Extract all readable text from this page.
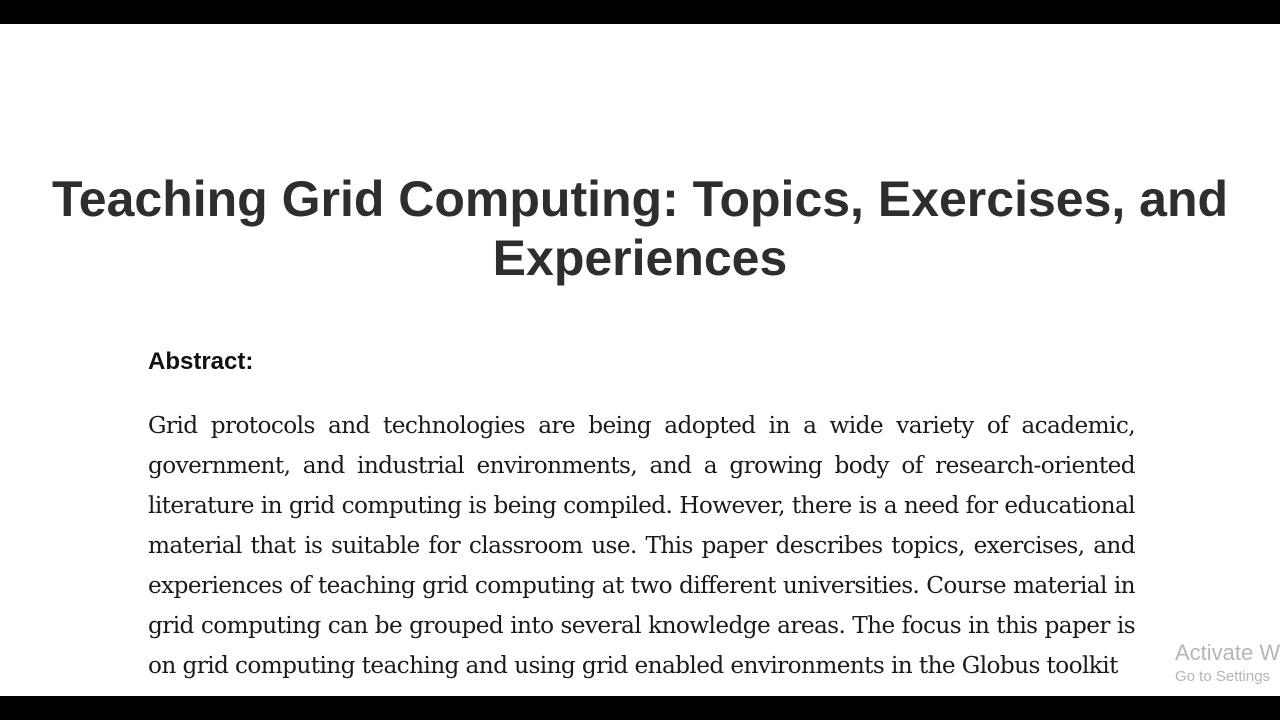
Teaching Grid Computing: Topics, Exercises, and Experiences
Abstract:

Grid protocols and technologies are being adopted in a wide variety of academic, government, and industrial environments, and a growing body of research-oriented literature in grid computing is being compiled. However, there is a need for educational material that is suitable for classroom use. This paper describes topics, exercises, and experiences of teaching grid computing at two different universities. Course material in grid computing can be grouped into several knowledge areas. The focus in this paper is on grid computing teaching and using grid enabled environments in the Globus toolkit	Activate W
Go to Settings
